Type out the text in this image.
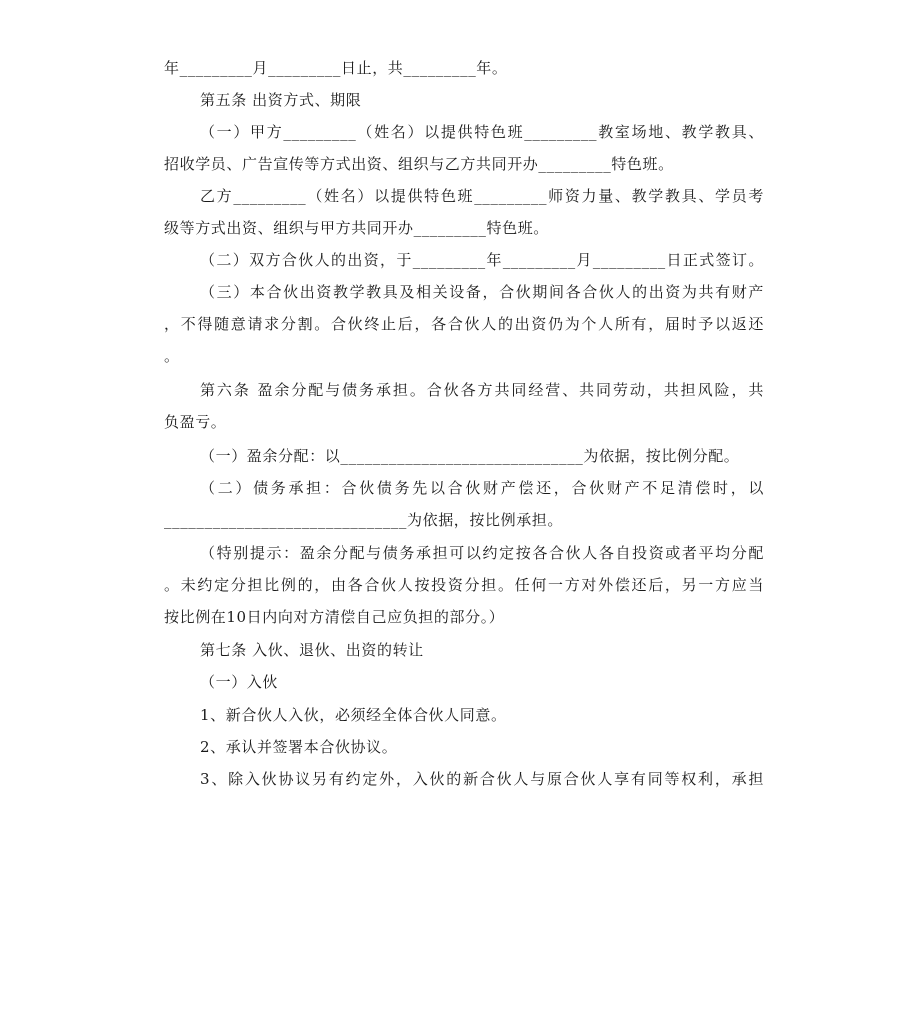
年_________月_________日止，共_________年。
第五条 出资方式、期限
（一）甲方_________（姓名）以提供特色班_________教室场地、教学教具、
招收学员、广告宣传等方式出资、组织与乙方共同开办_________特色班。
乙方_________（姓名）以提供特色班_________师资力量、教学教具、学员考
级等方式出资、组织与甲方共同开办_________特色班。
（二）双方合伙人的出资，于_________年_________月_________日正式签订。
（三）本合伙出资教学教具及相关设备，合伙期间各合伙人的出资为共有财产
，不得随意请求分割。合伙终止后，各合伙人的出资仍为个人所有，届时予以返还
。
第六条 盈余分配与债务承担。合伙各方共同经营、共同劳动，共担风险，共
负盈亏。
（一）盈余分配：以______________________________为依据，按比例分配。
（二）债务承担：合伙债务先以合伙财产偿还，合伙财产不足清偿时，以
______________________________为依据，按比例承担。
（特别提示：盈余分配与债务承担可以约定按各合伙人各自投资或者平均分配
。未约定分担比例的，由各合伙人按投资分担。任何一方对外偿还后，另一方应当
按比例在10日内向对方清偿自己应负担的部分。）
第七条 入伙、退伙、出资的转让
（一）入伙
1、新合伙人入伙，必须经全体合伙人同意。
2、承认并签署本合伙协议。
3、除入伙协议另有约定外，入伙的新合伙人与原合伙人享有同等权利，承担
